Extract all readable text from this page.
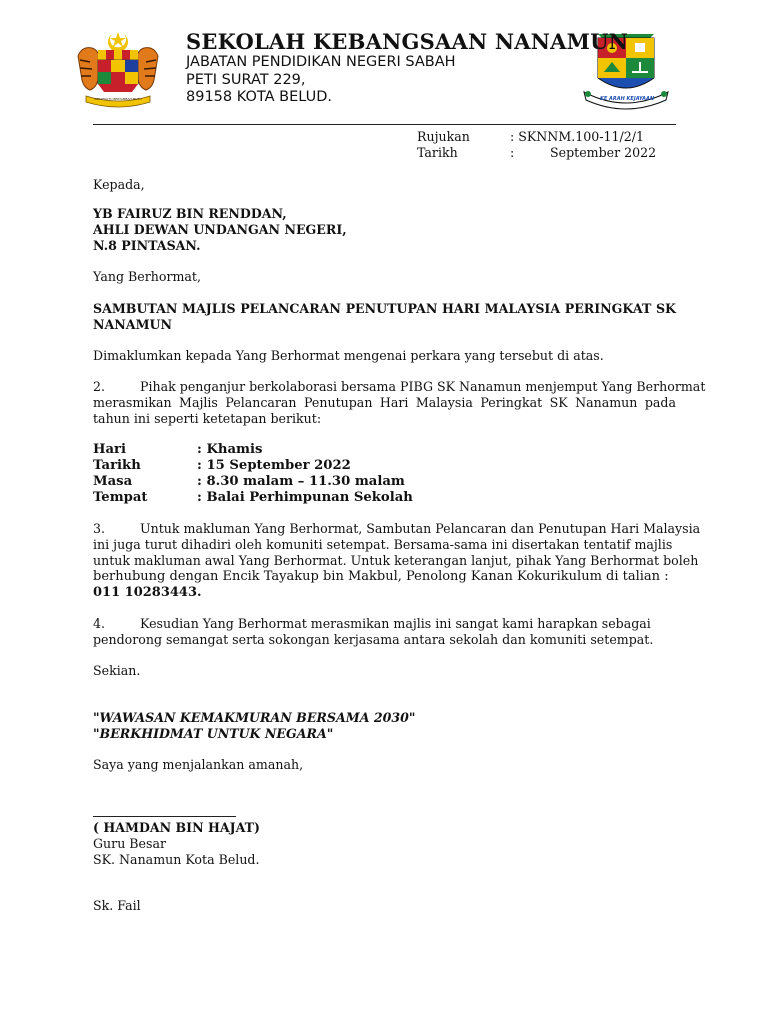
BERSEKUTU BERTAMBAH MUTU	KE ARAH KEJAYAAN
SEKOLAH KEBANGSAAN NANAMUN
JABATAN PENDIDIKAN NEGERI SABAH
PETI SURAT 229,
89158 KOTA BELUD.
Rujukan	: SKNNM.100-11/2/1
Tarikh	:	September 2022
Kepada,
YB FAIRUZ BIN RENDDAN,
AHLI DEWAN UNDANGAN NEGERI,
N.8 PINTASAN.
Yang Berhormat,
SAMBUTAN MAJLIS PELANCARAN PENUTUPAN HARI MALAYSIA PERINGKAT SK NANAMUN
Dimaklumkan kepada Yang Berhormat mengenai perkara yang tersebut di atas.
2.	Pihak penganjur berkolaborasi bersama PIBG SK Nanamun menjemput Yang Berhormat
merasmikan Majlis Pelancaran Penutupan Hari Malaysia Peringkat SK Nanamun pada tahun ini seperti ketetapan berikut:
Hari	: Khamis
Tarikh	: 15 September 2022
Masa	: 8.30 malam – 11.30 malam
Tempat	: Balai Perhimpunan Sekolah
3.	Untuk makluman Yang Berhormat, Sambutan Pelancaran dan Penutupan Hari Malaysia
ini juga turut dihadiri oleh komuniti setempat. Bersama-sama ini disertakan tentatif majlis
untuk makluman awal Yang Berhormat. Untuk keterangan lanjut, pihak Yang Berhormat boleh
berhubung dengan Encik Tayakup bin Makbul, Penolong Kanan Kokurikulum di talian :
011 10283443.
4.	Kesudian Yang Berhormat merasmikan majlis ini sangat kami harapkan sebagai
pendorong semangat serta sokongan kerjasama antara sekolah dan komuniti setempat.
Sekian.
"WAWASAN KEMAKMURAN BERSAMA 2030"
"BERKHIDMAT UNTUK NEGARA"
Saya yang menjalankan amanah,
( HAMDAN BIN HAJAT)
Guru Besar
SK. Nanamun Kota Belud.
Sk. Fail
